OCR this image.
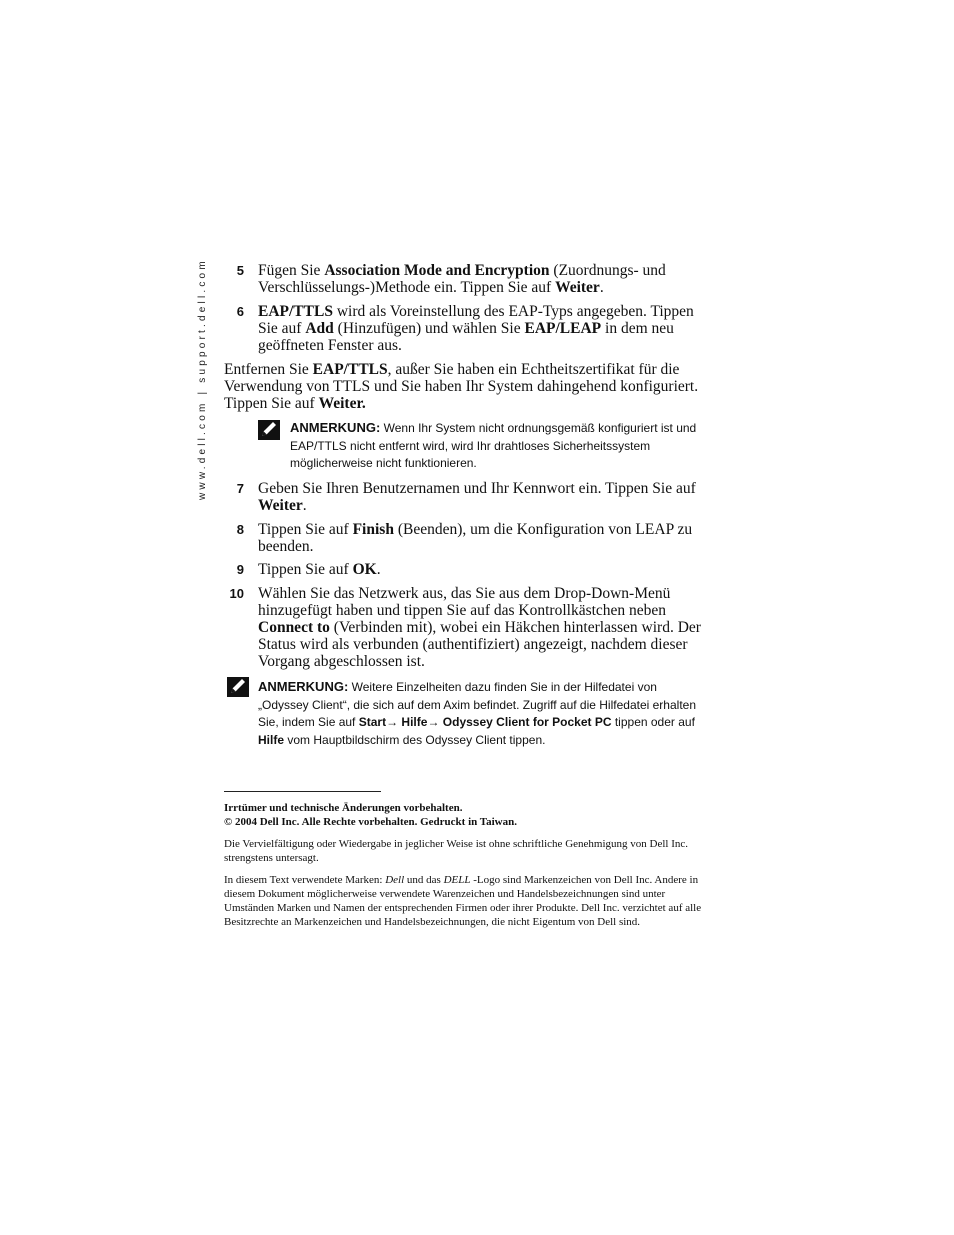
www.dell.com | support.dell.com	5 Fügen Sie Association Mode and Encryption (Zuordnungs- und Verschlüsselungs-)Methode ein. Tippen Sie auf Weiter.
6 EAP/TTLS wird als Voreinstellung des EAP-Typs angegeben. Tippen Sie auf Add (Hinzufügen) und wählen Sie EAP/LEAP in dem neu geöffneten Fenster aus.
Entfernen Sie EAP/TTLS, außer Sie haben ein Echtheitszertifikat für die Verwendung von TTLS und Sie haben Ihr System dahingehend konfiguriert. Tippen Sie auf Weiter.
ANMERKUNG: Wenn Ihr System nicht ordnungsgemäß konfiguriert ist und EAP/TTLS nicht entfernt wird, wird Ihr drahtloses Sicherheitssystem möglicherweise nicht funktionieren.
7 Geben Sie Ihren Benutzernamen und Ihr Kennwort ein. Tippen Sie auf Weiter.
8 Tippen Sie auf Finish (Beenden), um die Konfiguration von LEAP zu beenden.
9 Tippen Sie auf OK.
10 Wählen Sie das Netzwerk aus, das Sie aus dem Drop-Down-Menü hinzugefügt haben und tippen Sie auf das Kontrollkästchen neben Connect to (Verbinden mit), wobei ein Häkchen hinterlassen wird. Der Status wird als verbunden (authentifiziert) angezeigt, nachdem dieser Vorgang abgeschlossen ist.
ANMERKUNG: Weitere Einzelheiten dazu finden Sie in der Hilfedatei von „Odyssey Client“, die sich auf dem Axim befindet. Zugriff auf die Hilfedatei erhalten Sie, indem Sie auf Start→ Hilfe→ Odyssey Client for Pocket PC tippen oder auf Hilfe vom Hauptbildschirm des Odyssey Client tippen.
Irrtümer und technische Änderungen vorbehalten.
© 2004 Dell Inc. Alle Rechte vorbehalten. Gedruckt in Taiwan.
Die Vervielfältigung oder Wiedergabe in jeglicher Weise ist ohne schriftliche Genehmigung von Dell Inc. strengstens untersagt.
In diesem Text verwendete Marken: Dell und das DELL -Logo sind Markenzeichen von Dell Inc. Andere in diesem Dokument möglicherweise verwendete Warenzeichen und Handelsbezeichnungen sind unter Umständen Marken und Namen der entsprechenden Firmen oder ihrer Produkte. Dell Inc. verzichtet auf alle Besitzrechte an Markenzeichen und Handelsbezeichnungen, die nicht Eigentum von Dell sind.
